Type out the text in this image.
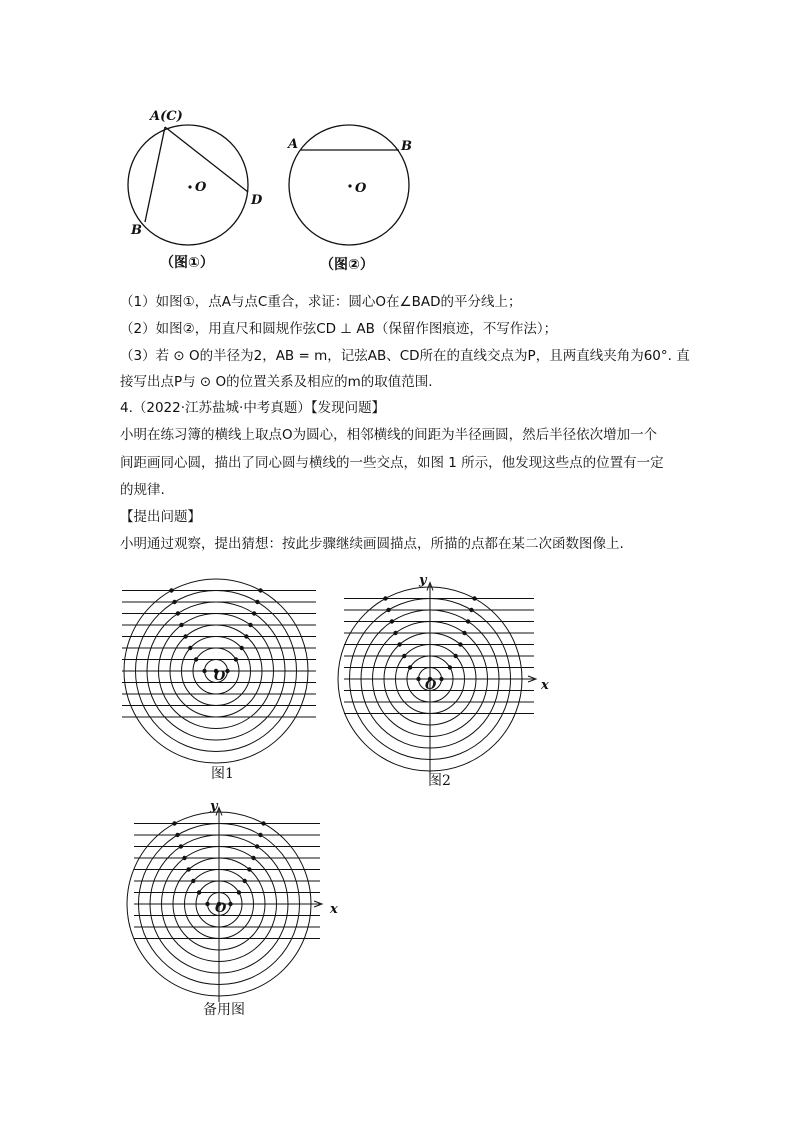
A(C)
B
D
O
（图①）
A	B
O
（图②）
（1）如图①，点A与点C重合，求证：圆心O在∠BAD的平分线上；
（2）如图②，用直尺和圆规作弦CD ⊥ AB（保留作图痕迹，不写作法）；
（3）若 ⊙ O的半径为2，AB = m，记弦AB、CD所在的直线交点为P，且两直线夹角为60°. 直
接写出点P与 ⊙ O的位置关系及相应的m的取值范围.
4.（2022·江苏盐城·中考真题）【发现问题】
小明在练习簿的横线上取点O为圆心，相邻横线的间距为半径画圆，然后半径依次增加一个
间距画同心圆，描出了同心圆与横线的一些交点，如图 1 所示，他发现这些点的位置有一定
的规律.
【提出问题】
小明通过观察，提出猜想：按此步骤继续画圆描点，所描的点都在某二次函数图像上.
O
图1
O	x
y
图2
O	x
y
备用图
